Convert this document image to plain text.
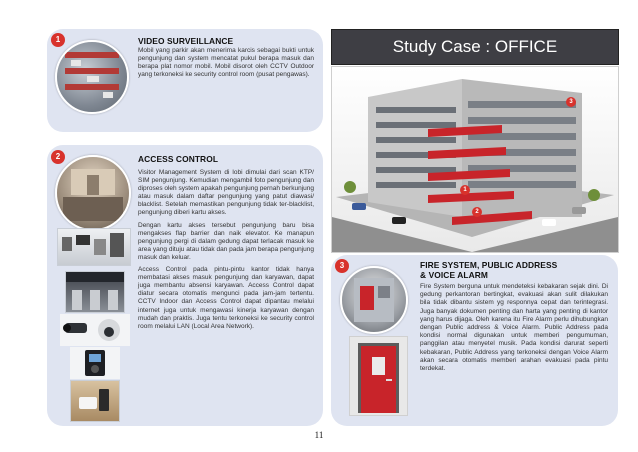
1	VIDEO SURVEILLANCE

Mobil yang parkir akan menerima karcis sebagai bukti untuk pengunjung dan system mencatat pukul berapa masuk dan berapa plat nomor mobil. Mobil disorot oleh CCTV Outdoor yang terkoneksi ke security control room (pusat pengawas).

2	ACCESS CONTROL

Visitor Management System di lobi dimulai dari scan KTP/ SIM pengunjung. Kemudian mengambil foto pengunjung dan diproses oleh system apakah pengunjung pernah berkunjung atau masuk dalam daftar pengunjung yang patut diawasi/ blacklist. Setelah memastikan pengunjung tidak ter-blacklist, pengunjung diberi kartu akses.

Dengan kartu akses tersebut pengunjung baru bisa mengakses flap barrier dan naik elevator. Ke manapun pengunjung pergi di dalam gedung dapat terlacak masuk ke area yang dituju atau tidak dan pada jam berapa pengunjung masuk dan keluar.

Access Control pada pintu-pintu kantor tidak hanya membatasi akses masuk pengunjung dan karyawan, dapat juga membantu absensi karyawan. Access Control dapat diatur secara otomatis mengunci pada jam-jam tertentu. CCTV Indoor dan Access Control dapat dipantau melalui internet juga untuk mengawasi kinerja karyawan dengan mudah dan praktis. Juga tentu terkoneksi ke security control room melalui LAN (Local Area Network).

Study Case : OFFICE
1
2
3
3	FIRE SYSTEM, PUBLIC ADDRESS
& VOICE ALARM

Fire System berguna untuk mendeteksi kebakaran sejak dini. Di gedung perkantoran bertingkat, evakuasi akan sulit dilakukan bila tidak dibantu sistem yg responnya cepat dan terintegrasi. Juga banyak dokumen penting dan harta yang penting di kantor yang harus dijaga. Oleh karena itu Fire Alarm perlu dihubungkan dengan Public address & Voice Alarm. Public Address pada kondisi normal digunakan untuk memberi pengumuman, panggilan atau menyetel musik. Pada kondisi darurat seperti kebakaran, Public Address yang terkoneksi dengan Voice Alarm akan secara otomatis memberi arahan evakuasi pada pintu terdekat.

11
